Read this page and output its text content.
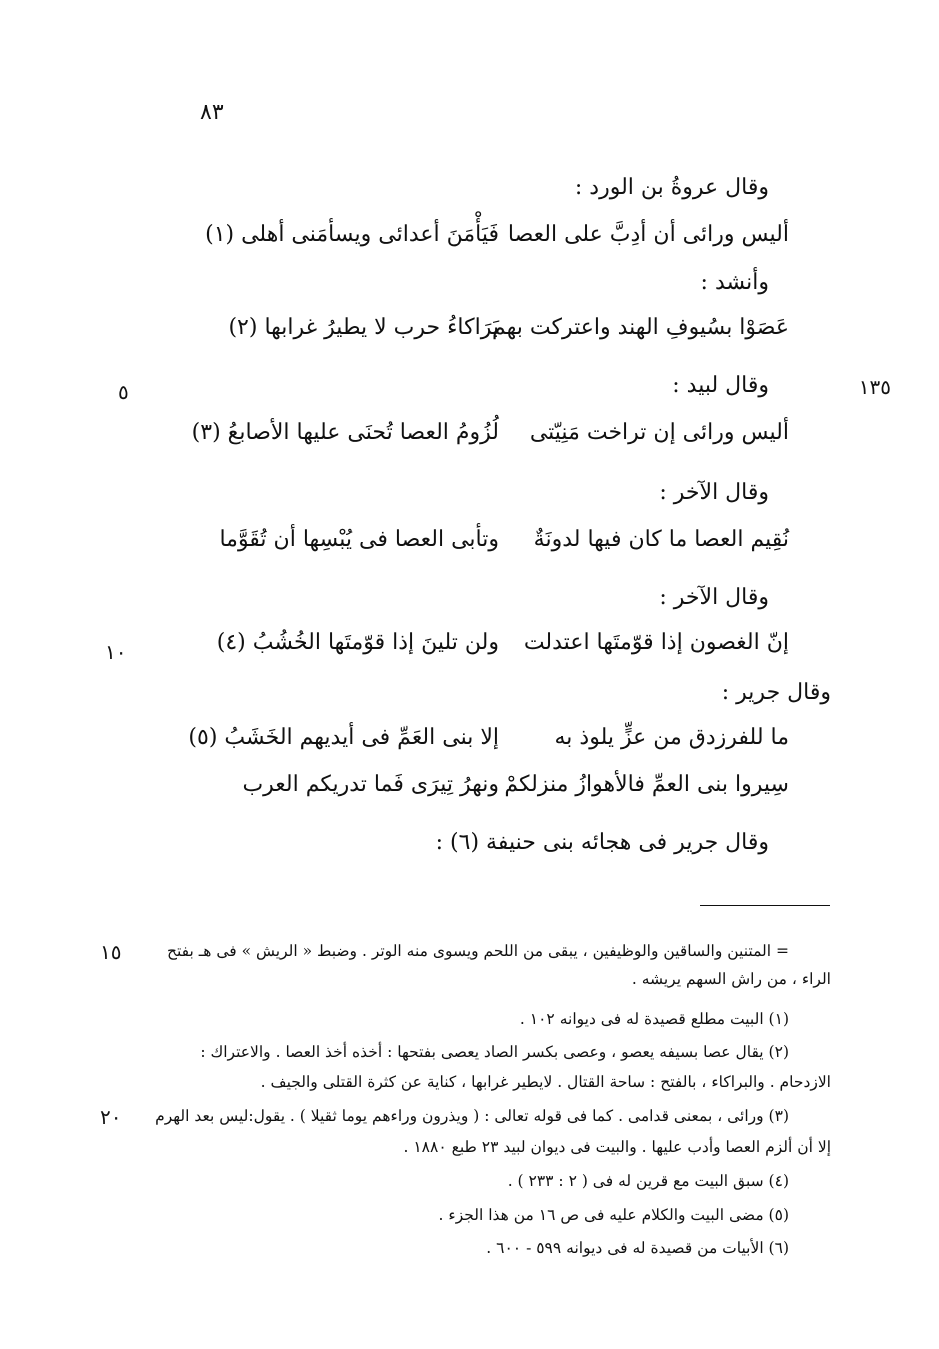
٨٣
١٣٥
٥
١٠
وقال عروةُ بن الورد :
أليس ورائى أن أدِبَّ على العصا
فَيَأْمَنَ أعدائى ويسأمَنى أهلى (١)
وأنشد :
عَصَوْا بسُيوفِ الهند واعتركت بهم
بَرَاكاءُ حرب لا يطيرُ غرابها (٢)
وقال لبيد :
أليس ورائى إن تراخت مَنِيّتى
لُزُومُ العصا تُحنَى عليها الأصابعُ (٣)
وقال الآخر :
نُقِيم العصا ما كان فيها لدونَةٌ
وتأبى العصا فى يُبْسِها أن تُقَوَّما
وقال الآخر :
إنّ الغصون إذا قوّمتَها اعتدلت
ولن تلينَ إذا قوّمتَها الخُشُبُ (٤)
وقال جرير :
ما للفرزدق من عزٍّ يلوذ به
إلا بنى العَمِّ فى أيديهم الخَشَبُ (٥)
سِيروا بنى العمِّ فالأهوازُ منزلكمْ
ونهرُ تِيرَى فَما تدريكم العرب
وقال جرير فى هجائه بنى حنيفة (٦) :
١٥
٢٠
= المتنين والساقين والوظيفين ، يبقى من اللحم ويسوى منه الوتر . وضبط « الريش » فى هـ بفتح
الراء ، من راش السهم يريشه .
(١) البيت مطلع قصيدة له فى ديوانه ١٠٢ .
(٢) يقال عصا بسيفه يعصو ، وعصى بكسر الصاد يعصى بفتحها : أخذه أخذ العصا . والاعتراك :
الازدحام . والبراكاء ، بالفتح : ساحة القتال . لايطير غرابها ، كناية عن كثرة القتلى والجيف .
(٣) ورائى ، بمعنى قدامى . كما فى قوله تعالى : ( ويذرون وراءهم يوما ثقيلا ) . يقول:ليس بعد الهرم
إلا أن ألزم العصا وأدب عليها . والبيت فى ديوان لبيد ٢٣ طبع ١٨٨٠ .
(٤) سبق البيت مع قرين له فى ( ٢ : ٢٣٣ ) .
(٥) مضى البيت والكلام عليه فى ص ١٦ من هذا الجزء .
(٦) الأبيات من قصيدة له فى ديوانه ٥٩٩ - ٦٠٠ .
